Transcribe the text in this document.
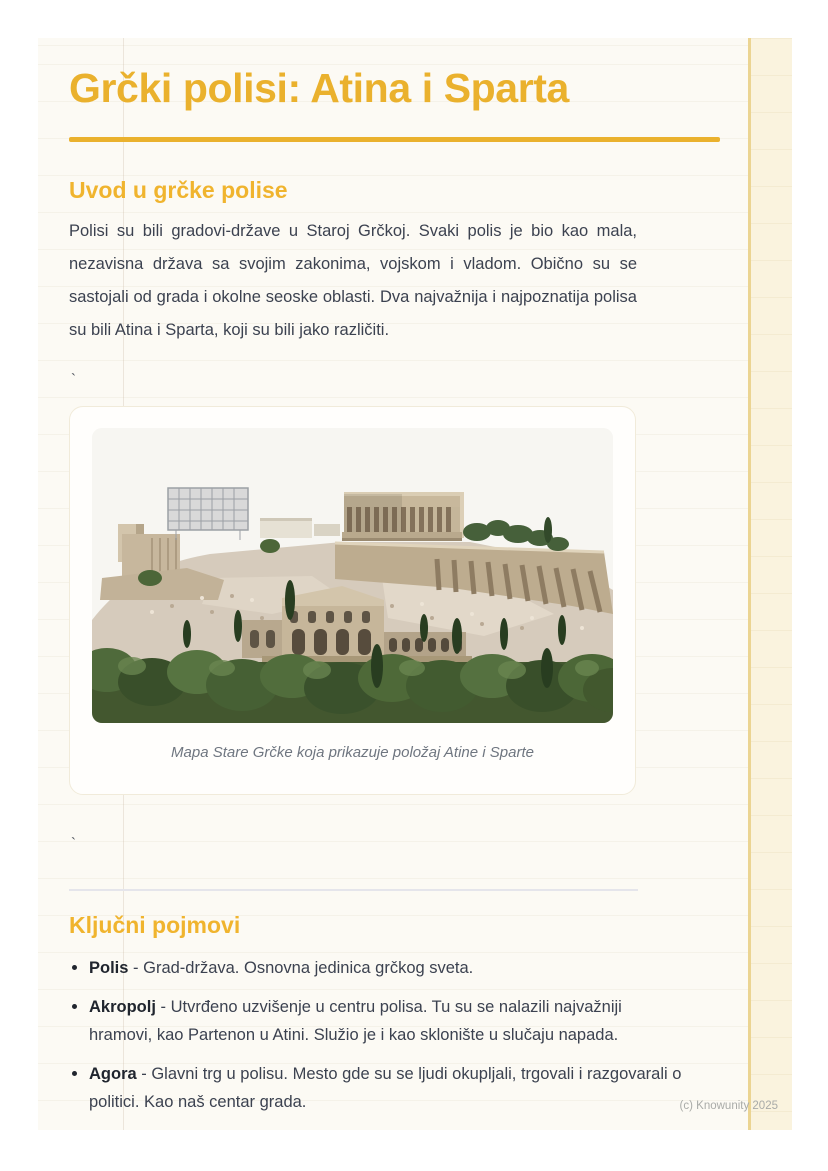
Grčki polisi: Atina i Sparta
Uvod u grčke polise
Polisi su bili gradovi-države u Staroj Grčkoj. Svaki polis je bio kao mala, nezavisna država sa svojim zakonima, vojskom i vladom. Obično su se sastojali od grada i okolne seoske oblasti. Dva najvažnija i najpoznatija polisa su bili Atina i Sparta, koji su bili jako različiti.
`
Mapa Stare Grčke koja prikazuje položaj Atine i Sparte
`
Ključni pojmovi
Polis - Grad-država. Osnovna jedinica grčkog sveta.
Akropolj - Utvrđeno uzvišenje u centru polisa. Tu su se nalazili najvažniji hramovi, kao Partenon u Atini. Služio je i kao sklonište u slučaju napada.
Agora - Glavni trg u polisu. Mesto gde su se ljudi okupljali, trgovali i razgovarali o politici. Kao naš centar grada.	(c) Knowunity 2025
